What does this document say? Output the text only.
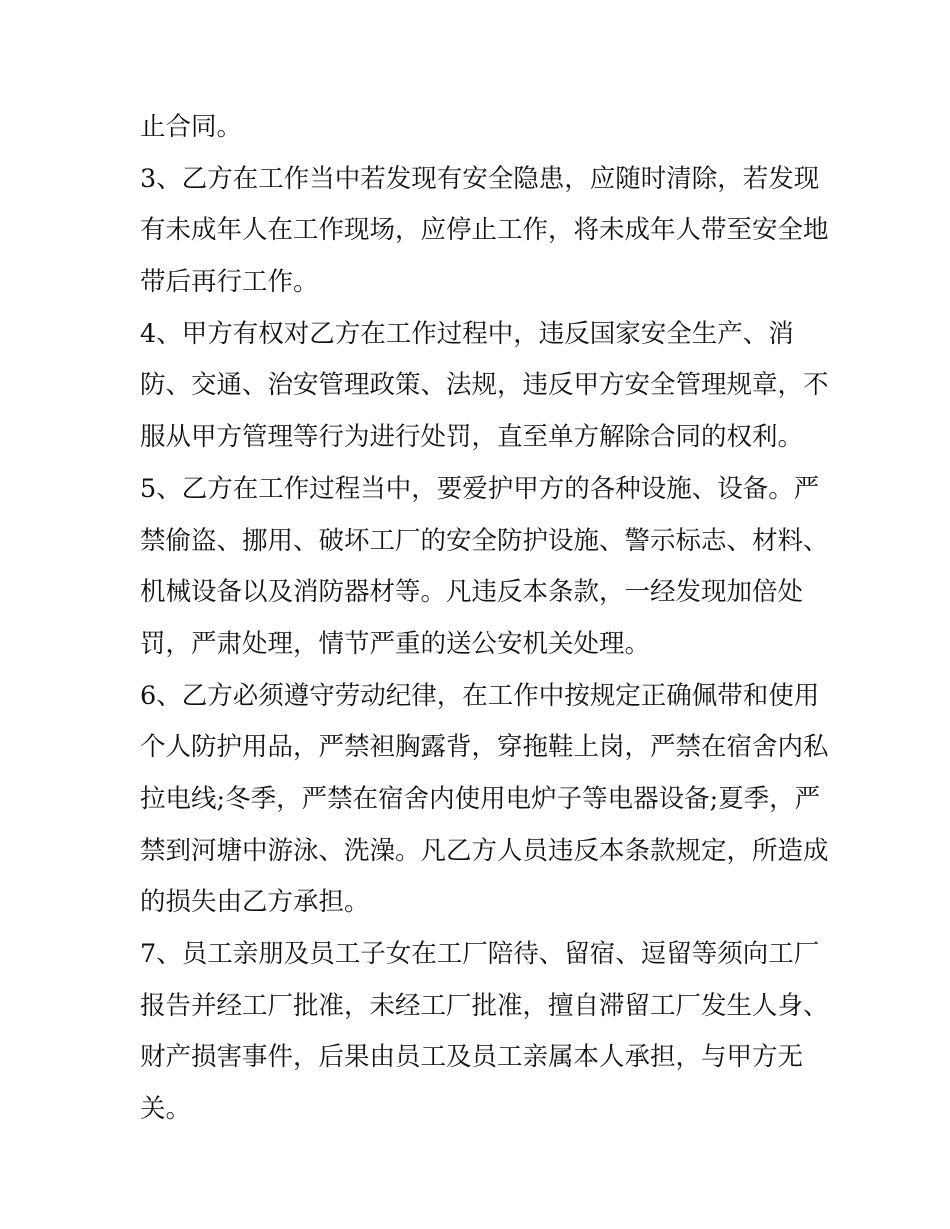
止合同。
3、乙方在工作当中若发现有安全隐患，应随时清除，若发现
有未成年人在工作现场，应停止工作，将未成年人带至安全地
带后再行工作。
4、甲方有权对乙方在工作过程中，违反国家安全生产、消
防、交通、治安管理政策、法规，违反甲方安全管理规章，不
服从甲方管理等行为进行处罚，直至单方解除合同的权利。
5、乙方在工作过程当中，要爱护甲方的各种设施、设备。严
禁偷盗、挪用、破坏工厂的安全防护设施、警示标志、材料、
机械设备以及消防器材等。凡违反本条款，一经发现加倍处
罚，严肃处理，情节严重的送公安机关处理。
6、乙方必须遵守劳动纪律，在工作中按规定正确佩带和使用
个人防护用品，严禁袒胸露背，穿拖鞋上岗，严禁在宿舍内私
拉电线;冬季，严禁在宿舍内使用电炉子等电器设备;夏季，严
禁到河塘中游泳、洗澡。凡乙方人员违反本条款规定，所造成
的损失由乙方承担。
7、员工亲朋及员工子女在工厂陪待、留宿、逗留等须向工厂
报告并经工厂批准，未经工厂批准，擅自滞留工厂发生人身、
财产损害事件，后果由员工及员工亲属本人承担，与甲方无
关。
